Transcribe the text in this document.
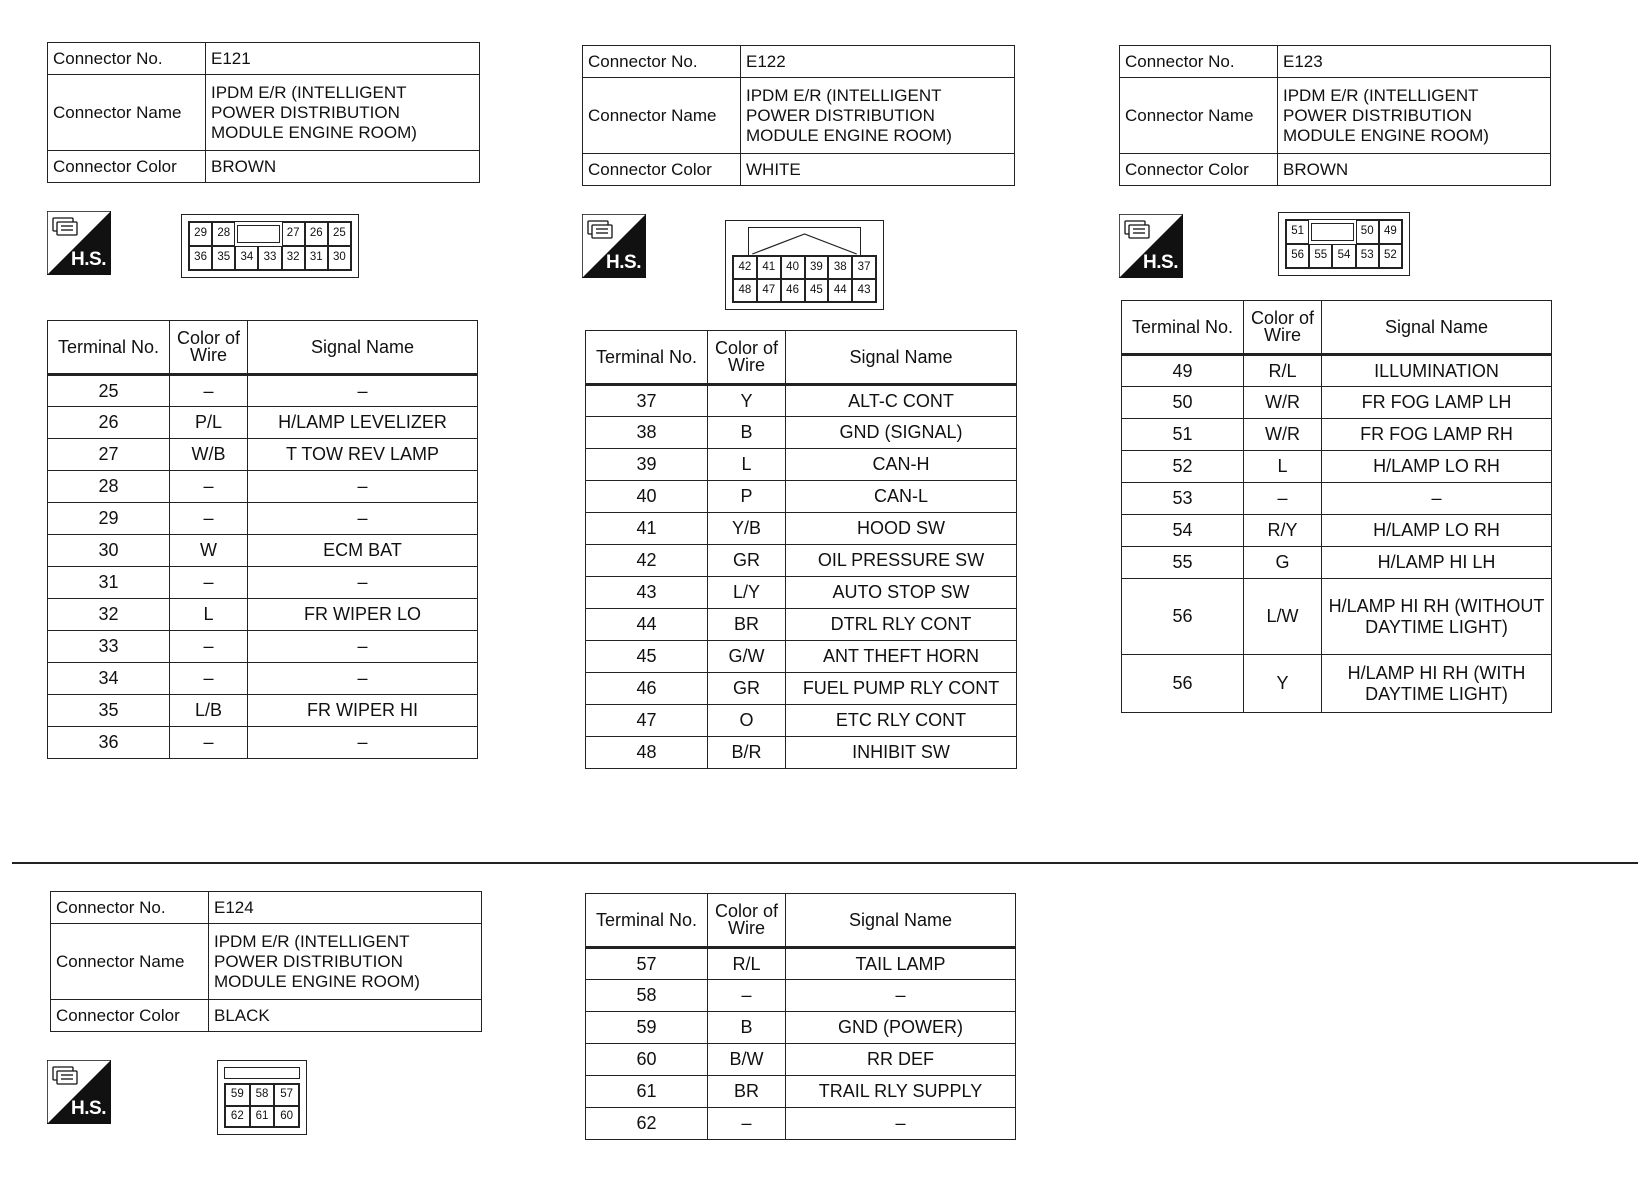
Connector No.	E121
Connector Name	IPDM E/R (INTELLIGENT POWER DISTRIBUTION MODULE ENGINE ROOM)
Connector Color	BROWN
H.S.
29 28	27 26 25
36 35 34 33 32 31 30
Terminal No.	Color of Wire	Signal Name
25	–	–
26	P/L	H/LAMP LEVELIZER
27	W/B	T TOW REV LAMP
28	–	–
29	–	–
30	W	ECM BAT
31	–	–
32	L	FR WIPER LO
33	–	–
34	–	–
35	L/B	FR WIPER HI
36	–	–
Connector No.	E122
Connector Name	IPDM E/R (INTELLIGENT POWER DISTRIBUTION MODULE ENGINE ROOM)
Connector Color	WHITE
H.S.	42 41 40 39 38 37
48 47 46 45 44 43
Terminal No.	Color of Wire	Signal Name
37	Y	ALT-C CONT
38	B	GND (SIGNAL)
39	L	CAN-H
40	P	CAN-L
41	Y/B	HOOD SW
42	GR	OIL PRESSURE SW
43	L/Y	AUTO STOP SW
44	BR	DTRL RLY CONT
45	G/W	ANT THEFT HORN
46	GR	FUEL PUMP RLY CONT
47	O	ETC RLY CONT
48	B/R	INHIBIT SW
Connector No.	E123
Connector Name	IPDM E/R (INTELLIGENT POWER DISTRIBUTION MODULE ENGINE ROOM)
Connector Color	BROWN
H.S.
51	50 49
56 55 54 53 52
Terminal No.	Color of Wire	Signal Name
49	R/L	ILLUMINATION
50	W/R	FR FOG LAMP LH
51	W/R	FR FOG LAMP RH
52	L	H/LAMP LO RH
53	–	–
54	R/Y	H/LAMP LO RH
55	G	H/LAMP HI LH
56	L/W	H/LAMP HI RH (WITHOUT DAYTIME LIGHT)
56	Y	H/LAMP HI RH (WITH DAYTIME LIGHT)
Connector No.	E124
Connector Name	IPDM E/R (INTELLIGENT POWER DISTRIBUTION MODULE ENGINE ROOM)
Connector Color	BLACK
H.S.
59	58	57
62	61	60
Terminal No.	Color of Wire	Signal Name
57	R/L	TAIL LAMP
58	–	–
59	B	GND (POWER)
60	B/W	RR DEF
61	BR	TRAIL RLY SUPPLY
62	–	–
